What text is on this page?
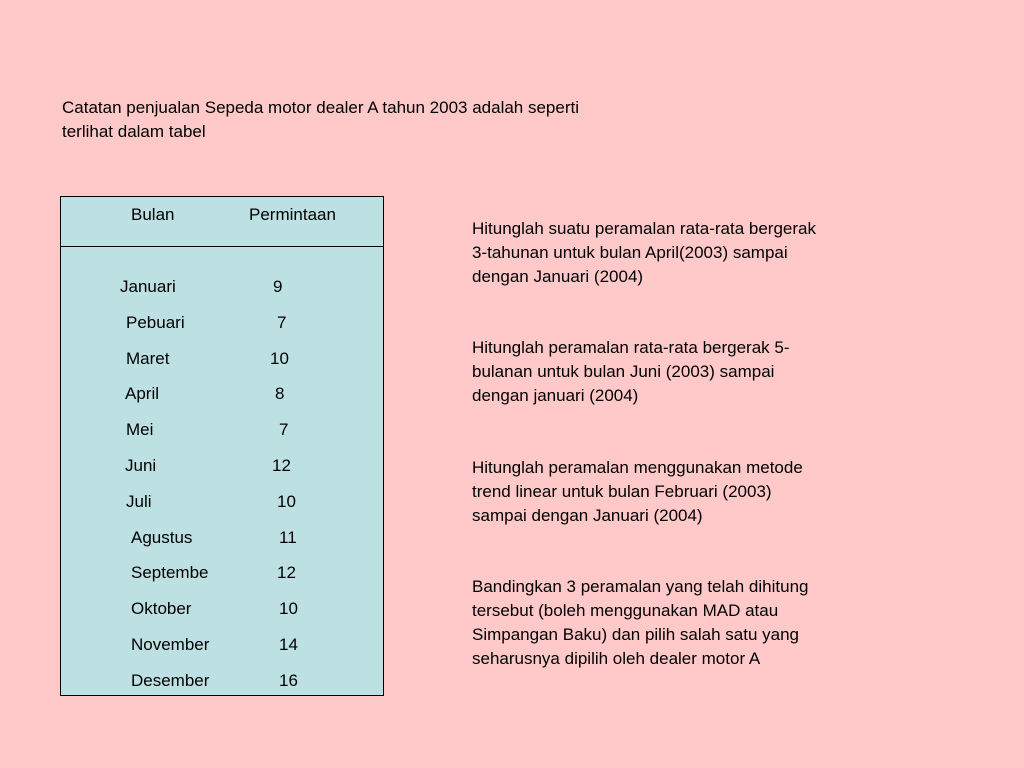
Catatan penjualan Sepeda motor dealer A tahun 2003 adalah seperti
terlihat dalam tabel
Bulan	Permintaan
Januari	9
Pebuari	7
Maret	10
April	8
Mei	7
Juni	12
Juli	10
Agustus	11
Septembe	12
Oktober	10
November	14
Desember	16
Hitunglah suatu peramalan rata-rata bergerak
3-tahunan untuk bulan April(2003) sampai
dengan Januari (2004)
Hitunglah peramalan rata-rata bergerak 5-
bulanan untuk bulan Juni (2003) sampai
dengan januari (2004)
Hitunglah peramalan menggunakan metode
trend linear untuk bulan Februari (2003)
sampai dengan Januari (2004)
Bandingkan 3 peramalan yang telah dihitung
tersebut (boleh menggunakan MAD atau
Simpangan Baku) dan pilih salah satu yang
seharusnya dipilih oleh dealer motor A
